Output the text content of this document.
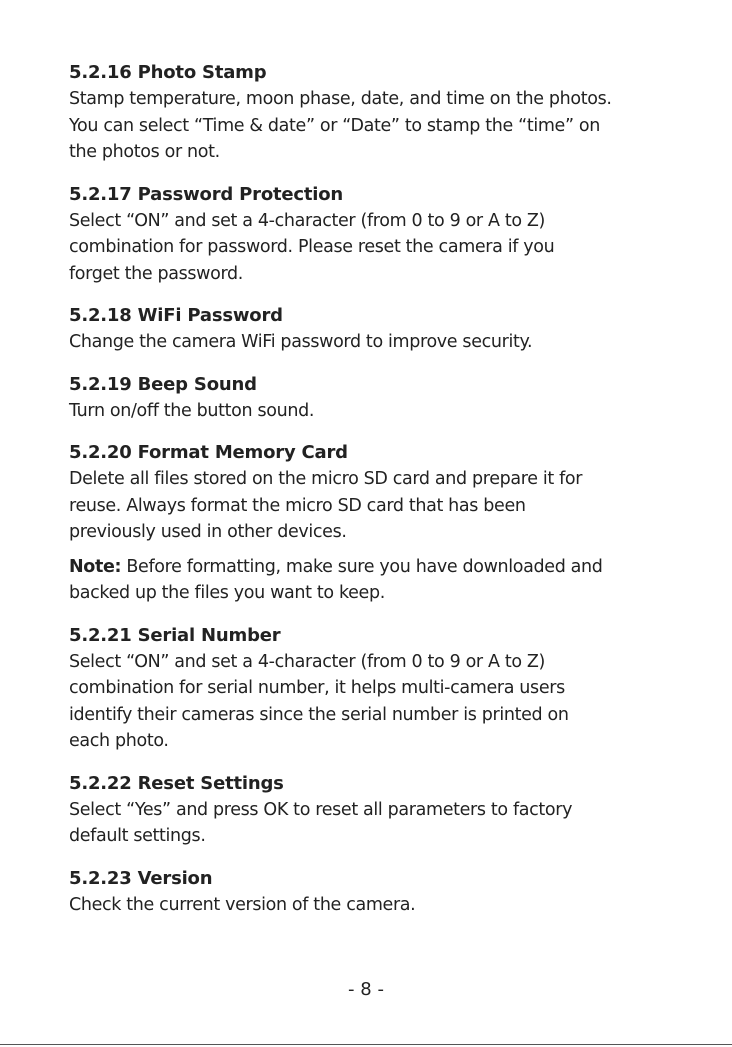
5.2.16 Photo Stamp

Stamp temperature, moon phase, date, and time on the photos.
You can select “Time & date” or “Date” to stamp the “time” on
the photos or not.

5.2.17 Password Protection

Select “ON” and set a 4-character (from 0 to 9 or A to Z)
combination for password. Please reset the camera if you
forget the password.

5.2.18 WiFi Password

Change the camera WiFi password to improve security.

5.2.19 Beep Sound

Turn on/off the button sound.

5.2.20 Format Memory Card

Delete all files stored on the micro SD card and prepare it for
reuse. Always format the micro SD card that has been
previously used in other devices.

Note: Before formatting, make sure you have downloaded and
backed up the files you want to keep.

5.2.21 Serial Number

Select “ON” and set a 4-character (from 0 to 9 or A to Z)
combination for serial number, it helps multi-camera users
identify their cameras since the serial number is printed on
each photo.

5.2.22 Reset Settings

Select “Yes” and press OK to reset all parameters to factory
default settings.

5.2.23 Version

Check the current version of the camera.

- 8 -
